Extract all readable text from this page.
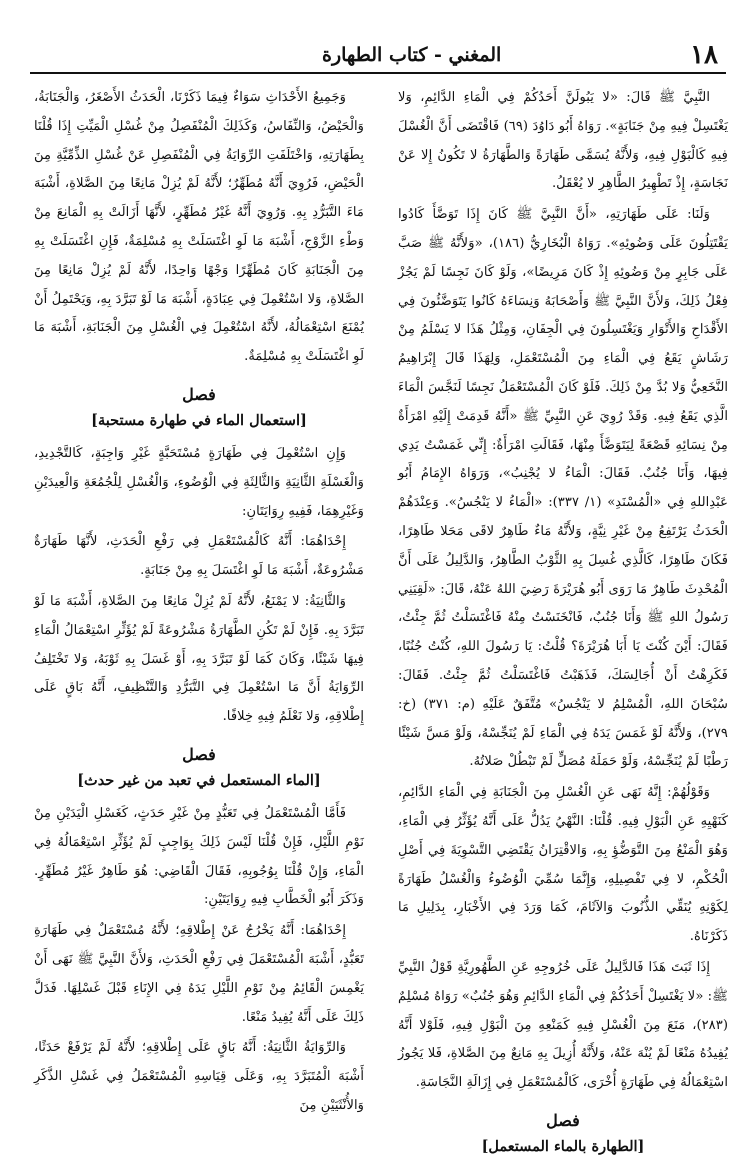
١٨
المغني - كتاب الطهارة

النَّبِيَّ ﷺ قَالَ: «لا يَبُولَنَّ أَحَدُكُمْ فِي الْمَاءِ الدَّائِمِ، وَلا يَغْتَسِلْ فِيهِ مِنْ جَنَابَةٍ». رَوَاهُ أَبُو دَاوُدَ (٦٩) فَاقْتَضَى أَنَّ الْغُسْلَ فِيهِ كَالْبَوْلِ فِيهِ، وَلأَنَّهُ يُسَمَّى طَهَارَةً وَالطَّهَارَةُ لا تَكُونُ إِلا عَنْ نَجَاسَةٍ، إِذْ تَطْهِيرُ الطَّاهِرِ لا يُعْقَلُ.

وَلَنَا: عَلَى طَهَارَتِهِ، «أَنَّ النَّبِيَّ ﷺ كَانَ إِذَا تَوَضَّأَ كَادُوا يَقْتَتِلُونَ عَلَى وَضُوئِهِ». رَوَاهُ الْبُخَارِيُّ (١٨٦)، «وَلأَنَّهُ ﷺ صَبَّ عَلَى جَابِرٍ مِنْ وَضُوئِهِ إِذْ كَانَ مَرِيضًا»، وَلَوْ كَانَ نَجِسًا لَمْ يَجُزْ فِعْلُ ذَلِكَ، وَلأَنَّ النَّبِيَّ ﷺ وَأَصْحَابَهُ وَنِسَاءَهُ كَانُوا يَتَوَضَّئُونَ فِي الأَقْدَاحِ وَالأَتْوَارِ وَيَغْتَسِلُونَ فِي الْجِفَانِ، وَمِثْلُ هَذَا لا يَسْلَمُ مِنْ رَشَاشٍ يَقَعُ فِي الْمَاءِ مِنَ الْمُسْتَعْمَلِ، وَلِهَذَا قَالَ إِبْرَاهِيمُ النَّخَعِيُّ وَلا بُدَّ مِنْ ذَلِكَ. فَلَوْ كَانَ الْمُسْتَعْمَلُ نَجِسًا لَنَجَّسَ الْمَاءَ الَّذِي يَقَعُ فِيهِ. وَقَدْ رُوِيَ عَنِ النَّبِيِّ ﷺ «أَنَّهُ قَدِمَتْ إِلَيْهِ امْرَأَةٌ مِنْ نِسَائِهِ قَصْعَةً لِيَتَوَضَّأَ مِنْهَا، فَقَالَتِ امْرَأَةٌ: إِنِّي غَمَسْتُ يَدِي فِيهَا، وَأَنَا جُنُبٌ. فَقَالَ: الْمَاءُ لا يُجْنِبُ»، وَرَوَاهُ الإِمَامُ أَبُو عَبْدِاللهِ فِي «الْمُسْنَدِ» (١/ ٣٣٧): «الْمَاءُ لا يَنْجُسُ». وَعِنْدَهُمْ الْحَدَثُ يَرْتَفِعُ مِنْ غَيْرِ نِيَّةٍ، وَلأَنَّهُ مَاءٌ طَاهِرٌ لاقَى مَحَلا طَاهِرًا، فَكَانَ طَاهِرًا، كَالَّذِي غُسِلَ بِهِ الثَّوْبُ الطَّاهِرُ، وَالدَّلِيلُ عَلَى أَنَّ الْمُحْدِثَ طَاهِرٌ مَا رَوَى أَبُو هُرَيْرَةَ رَضِيَ اللهُ عَنْهُ، قَالَ: «لَقِيَنِي رَسُولُ اللهِ ﷺ وَأَنَا جُنُبٌ، فَانْخَنَسْتُ مِنْهُ فَاغْتَسَلْتُ ثُمَّ جِئْتُ، فَقَالَ: أَيْنَ كُنْتَ يَا أَبَا هُرَيْرَةَ؟ قُلْتُ: يَا رَسُولَ اللهِ، كُنْتُ جُنُبًا، فَكَرِهْتُ أَنْ أُجَالِسَكَ، فَذَهَبْتُ فَاغْتَسَلْتُ ثُمَّ جِئْتُ. فَقَالَ: سُبْحَانَ اللهِ، الْمُسْلِمُ لا يَنْجُسُ» مُتَّفَقٌ عَلَيْهِ (م: ٣٧١) (خ: ٢٧٩)، وَلأَنَّهُ لَوْ غَمَسَ يَدَهُ فِي الْمَاءِ لَمْ يُنَجِّسْهُ، وَلَوْ مَسَّ شَيْئًا رَطْبًا لَمْ يُنَجِّسْهُ، وَلَوْ حَمَلَهُ مُصَلٍّ لَمْ تَبْطُلْ صَلاتُهُ.

وَقَوْلُهُمْ: إِنَّهُ نَهَى عَنِ الْغُسْلِ مِنَ الْجَنَابَةِ فِي الْمَاءِ الدَّائِمِ، كَنَهْيِهِ عَنِ الْبَوْلِ فِيهِ. قُلْنَا: النَّهْيُ يَدُلُّ عَلَى أَنَّهُ يُؤَثِّرُ فِي الْمَاءِ، وَهُوَ الْمَنْعُ مِنَ التَّوَضُّؤِ بِهِ، وَالاقْتِرَانُ يَقْتَضِي التَّسْوِيَةَ فِي أَصْلِ الْحُكْمِ، لا فِي تَفْصِيلِهِ، وَإِنَّمَا سُمِّيَ الْوُضُوءُ وَالْغُسْلُ طَهَارَةً لِكَوْنِهِ يُنَقِّي الذُّنُوبَ وَالآثَامَ، كَمَا وَرَدَ فِي الأَخْبَارِ، بِدَلِيلِ مَا ذَكَرْنَاهُ.

إِذَا ثَبَتَ هَذَا فَالدَّلِيلُ عَلَى خُرُوجِهِ عَنِ الطَّهُورِيَّةِ قَوْلُ النَّبِيِّ ﷺ: «لا يَغْتَسِلْ أَحَدُكُمْ فِي الْمَاءِ الدَّائِمِ وَهُوَ جُنُبٌ» رَوَاهُ مُسْلِمٌ (٢٨٣)، مَنَعَ مِنَ الْغُسْلِ فِيهِ كَمَنْعِهِ مِنَ الْبَوْلِ فِيهِ، فَلَوْلا أَنَّهُ يُفِيدُهُ مَنْعًا لَمْ يُنْهَ عَنْهُ، وَلأَنَّهُ أُزِيلَ بِهِ مَانِعٌ مِنَ الصَّلاةِ، فَلا يَجُوزُ اسْتِعْمَالُهُ فِي طَهَارَةٍ أُخْرَى، كَالْمُسْتَعْمَلِ فِي إِزَالَةِ النَّجَاسَةِ.

فصل
[الطهارة بالماء المستعمل]

وَجَمِيعُ الأَحْدَاثِ سَوَاءٌ فِيمَا ذَكَرْنَا، الْحَدَثُ الأَصْغَرُ، وَالْجَنَابَةُ، وَالْحَيْضُ، وَالنِّفَاسُ، وَكَذَلِكَ الْمُنْفَصِلُ مِنْ غُسْلِ الْمَيِّتِ إِذَا قُلْنَا بِطَهَارَتِهِ، وَاخْتَلَفَتِ الرِّوَايَةُ فِي الْمُنْفَصِلِ عَنْ غُسْلِ الذِّمِّيَّةِ مِنَ الْحَيْضِ، فَرُوِيَ أَنَّهُ مُطَهِّرٌ؛ لأَنَّهُ لَمْ يُزِلْ مَانِعًا مِنَ الصَّلاةِ، أَشْبَهَ مَاءَ التَّبَرُّدِ بِهِ. وَرُوِيَ أَنَّهُ غَيْرُ مُطَهِّرٍ، لأَنَّهَا أَزَالَتْ بِهِ الْمَانِعَ مِنْ وَطْءِ الزَّوْجِ، أَشْبَهَ مَا لَوِ اغْتَسَلَتْ بِهِ مُسْلِمَةٌ، فَإِنِ اغْتَسَلَتْ بِهِ مِنَ الْجَنَابَةِ كَانَ مُطَهِّرًا وَجْهًا وَاحِدًا، لأَنَّهُ لَمْ يُزِلْ مَانِعًا مِنَ الصَّلاةِ، وَلا اسْتُعْمِلَ فِي عِبَادَةٍ، أَشْبَهَ مَا لَوْ تَبَرَّدَ بِهِ، وَيَحْتَمِلُ أَنْ يُمْنَعَ اسْتِعْمَالُهُ، لأَنَّهُ اسْتُعْمِلَ فِي الْغُسْلِ مِنَ الْجَنَابَةِ، أَشْبَهَ مَا لَوِ اغْتَسَلَتْ بِهِ مُسْلِمَةٌ.

فصل
[استعمال الماء في طهارة مستحبة]

وَإِنِ اسْتُعْمِلَ فِي طَهَارَةٍ مُسْتَحَبَّةٍ غَيْرِ وَاجِبَةٍ، كَالتَّجْدِيدِ، وَالْغَسْلَةِ الثَّانِيَةِ وَالثَّالِثَةِ فِي الْوُضُوءِ، وَالْغُسْلِ لِلْجُمُعَةِ وَالْعِيدَيْنِ وَغَيْرِهِمَا، فَفِيهِ رِوَايَتَانِ:

إِحْدَاهُمَا: أَنَّهُ كَالْمُسْتَعْمَلِ فِي رَفْعِ الْحَدَثِ، لأَنَّهَا طَهَارَةٌ مَشْرُوعَةٌ، أَشْبَهَ مَا لَوِ اغْتَسَلَ بِهِ مِنْ جَنَابَةٍ.

وَالثَّانِيَةُ: لا يَمْنَعُ، لأَنَّهُ لَمْ يُزِلْ مَانِعًا مِنَ الصَّلاةِ، أَشْبَهَ مَا لَوْ تَبَرَّدَ بِهِ. فَإِنْ لَمْ تَكُنِ الطَّهَارَةُ مَشْرُوعَةً لَمْ يُؤَثِّرِ اسْتِعْمَالُ الْمَاءِ فِيهَا شَيْئًا، وَكَانَ كَمَا لَوْ تَبَرَّدَ بِهِ، أَوْ غَسَلَ بِهِ ثَوْبَهُ، وَلا تَخْتَلِفُ الرِّوَايَةُ أَنَّ مَا اسْتُعْمِلَ فِي التَّبَرُّدِ وَالتَّنْظِيفِ، أَنَّهُ بَاقٍ عَلَى إِطْلاقِهِ، وَلا نَعْلَمُ فِيهِ خِلافًا.

فصل
[الماء المستعمل في تعبد من غير حدث]

فَأَمَّا الْمُسْتَعْمَلُ فِي تَعَبُّدٍ مِنْ غَيْرِ حَدَثٍ، كَغَسْلِ الْيَدَيْنِ مِنْ نَوْمِ اللَّيْلِ، فَإِنْ قُلْنَا لَيْسَ ذَلِكَ بِوَاجِبٍ لَمْ يُؤَثِّرِ اسْتِعْمَالُهُ فِي الْمَاءِ، وَإِنْ قُلْنَا بِوُجُوبِهِ، فَقَالَ الْقَاضِي: هُوَ طَاهِرٌ غَيْرُ مُطَهِّرٍ. وَذَكَرَ أَبُو الْخَطَّابِ فِيهِ رِوَايَتَيْنِ:

إِحْدَاهُمَا: أَنَّهُ يَخْرُجُ عَنْ إِطْلاقِهِ؛ لأَنَّهُ مُسْتَعْمَلٌ فِي طَهَارَةِ تَعَبُّدٍ، أَشْبَهَ الْمُسْتَعْمَلَ فِي رَفْعِ الْحَدَثِ، وَلأَنَّ النَّبِيَّ ﷺ نَهَى أَنْ يَغْمِسَ الْقَائِمُ مِنْ نَوْمِ اللَّيْلِ يَدَهُ فِي الإِنَاءِ قَبْلَ غَسْلِهَا. فَدَلَّ ذَلِكَ عَلَى أَنَّهُ يُفِيدُ مَنْعًا.

وَالرِّوَايَةُ الثَّانِيَةُ: أَنَّهُ بَاقٍ عَلَى إِطْلاقِهِ؛ لأَنَّهُ لَمْ يَرْفَعْ حَدَثًا، أَشْبَهَ الْمُتَبَرَّدَ بِهِ، وَعَلَى قِيَاسِهِ الْمُسْتَعْمَلُ فِي غَسْلِ الذَّكَرِ وَالأُنْثَيَيْنِ مِنَ
